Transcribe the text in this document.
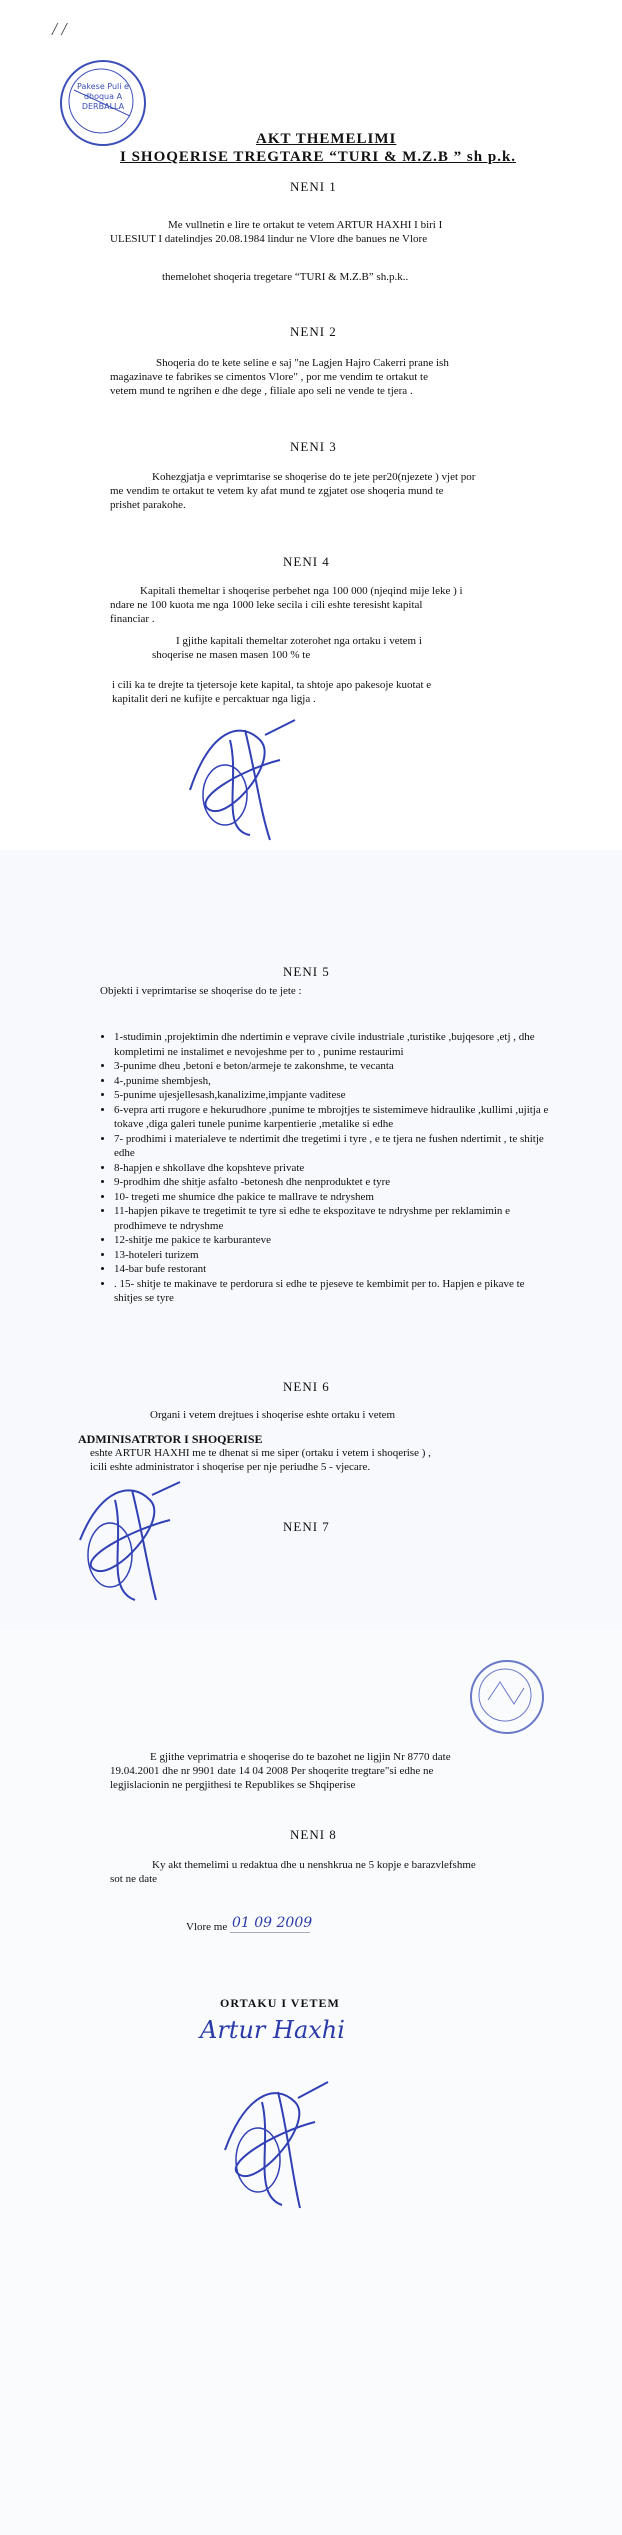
/ /
Pakese Puli e dhoqua A DERBALLA
AKT THEMELIMI
I SHOQERISE TREGTARE “TURI & M.Z.B ” sh p.k.
NENI 1
Me vullnetin e lire te ortakut te vetem ARTUR HAXHI I biri I
ULESIUT I datelindjes 20.08.1984 lindur ne Vlore dhe banues ne Vlore
themelohet shoqeria tregetare “TURI & M.Z.B” sh.p.k..
NENI 2
Shoqeria do te kete seline e saj "ne Lagjen Hajro Cakerri prane ish
magazinave te fabrikes se cimentos Vlore" , por me vendim te ortakut te
vetem mund te ngrihen e dhe dege , filiale apo seli ne vende te tjera .
NENI 3
Kohezgjatja e veprimtarise se shoqerise do te jete per20(njezete ) vjet por
me vendim te ortakut te vetem ky afat mund te zgjatet ose shoqeria mund te
prishet parakohe.
NENI 4
Kapitali themeltar i shoqerise perbehet nga 100 000 (njeqind mije leke ) i
ndare ne 100 kuota me nga 1000 leke secila i cili eshte teresisht kapital
financiar .
I gjithe kapitali themeltar zoterohet nga ortaku i vetem i
shoqerise ne masen masen 100 % te
i cili ka te drejte ta tjetersoje kete kapital, ta shtoje apo pakesoje kuotat e
kapitalit deri ne kufijte e percaktuar nga ligja .
NENI 5
Objekti i veprimtarise se shoqerise do te jete :
• 1-studimin ,projektimin dhe ndertimin e veprave civile industriale ,turistike ,bujqesore ,etj , dhe kompletimi ne instalimet e nevojeshme per to , punime restaurimi
• 3-punime dheu ,betoni e beton/armeje te zakonshme, te vecanta
• 4-,punime shembjesh,
• 5-punime ujesjellesash,kanalizime,impjante vaditese
• 6-vepra arti rrugore e hekurudhore ,punime te mbrojtjes te sistemimeve hidraulike ,kullimi ,ujitja e tokave ,diga galeri tunele punime karpentierie ,metalike si edhe
• 7- prodhimi i materialeve te ndertimit dhe tregetimi i tyre , e te tjera ne fushen ndertimit , te shitje edhe
• 8-hapjen e shkollave dhe kopshteve private
• 9-prodhim dhe shitje asfalto -betonesh dhe nenproduktet e tyre
• 10- tregeti me shumice dhe pakice te mallrave te ndryshem
• 11-hapjen pikave te tregetimit te tyre si edhe te ekspozitave te ndryshme per reklamimin e prodhimeve te ndryshme
• 12-shitje me pakice te karburanteve
• 13-hoteleri turizem
• 14-bar bufe restorant
• . 15- shitje te makinave te perdorura si edhe te pjeseve te kembimit per to. Hapjen e pikave te shitjes se tyre
NENI 6
Organi i vetem drejtues i shoqerise eshte ortaku i vetem
ADMINISATRTOR I SHOQERISE
eshte ARTUR HAXHI me te dhenat si me siper (ortaku i vetem i shoqerise ) ,
icili eshte administrator i shoqerise per nje periudhe 5 - vjecare.
NENI 7
E gjithe veprimatria e shoqerise do te bazohet ne ligjin Nr 8770 date
19.04.2001 dhe nr 9901 date 14 04 2008 Per shoqerite tregtare"si edhe ne
legjislacionin ne pergjithesi te Republikes se Shqiperise
NENI 8
Ky akt themelimi u redaktua dhe u nenshkrua ne 5 kopje e barazvlefshme
sot ne date
Vlore me 01 09 2009
ORTAKU I VETEM
Artur Haxhi
